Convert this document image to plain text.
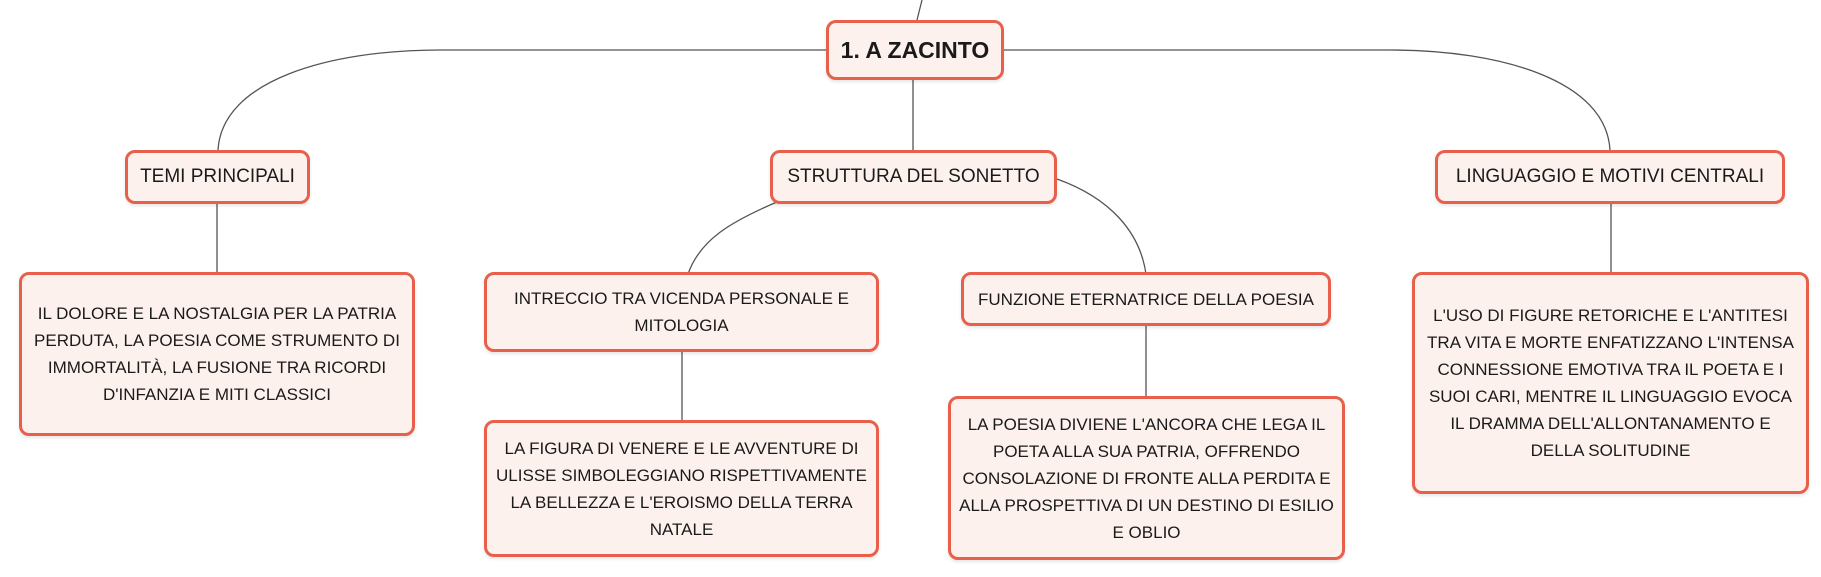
1. A ZACINTO
TEMI PRINCIPALI	STRUTTURA DEL SONETTO	LINGUAGGIO E MOTIVI CENTRALI
INTRECCIO TRA VICENDA PERSONALE E MITOLOGIA
FUNZIONE ETERNATRICE DELLA POESIA
IL DOLORE E LA NOSTALGIA PER LA PATRIA PERDUTA, LA POESIA COME STRUMENTO DI IMMORTALITÀ, LA FUSIONE TRA RICORDI D'INFANZIA E MITI CLASSICI
LA FIGURA DI VENERE E LE AVVENTURE DI ULISSE SIMBOLEGGIANO RISPETTIVAMENTE LA BELLEZZA E L'EROISMO DELLA TERRA NATALE
LA POESIA DIVIENE L'ANCORA CHE LEGA IL POETA ALLA SUA PATRIA, OFFRENDO CONSOLAZIONE DI FRONTE ALLA PERDITA E ALLA PROSPETTIVA DI UN DESTINO DI ESILIO E OBLIO
L'USO DI FIGURE RETORICHE E L'ANTITESI TRA VITA E MORTE ENFATIZZANO L'INTENSA CONNESSIONE EMOTIVA TRA IL POETA E I SUOI CARI, MENTRE IL LINGUAGGIO EVOCA IL DRAMMA DELL'ALLONTANAMENTO E DELLA SOLITUDINE
